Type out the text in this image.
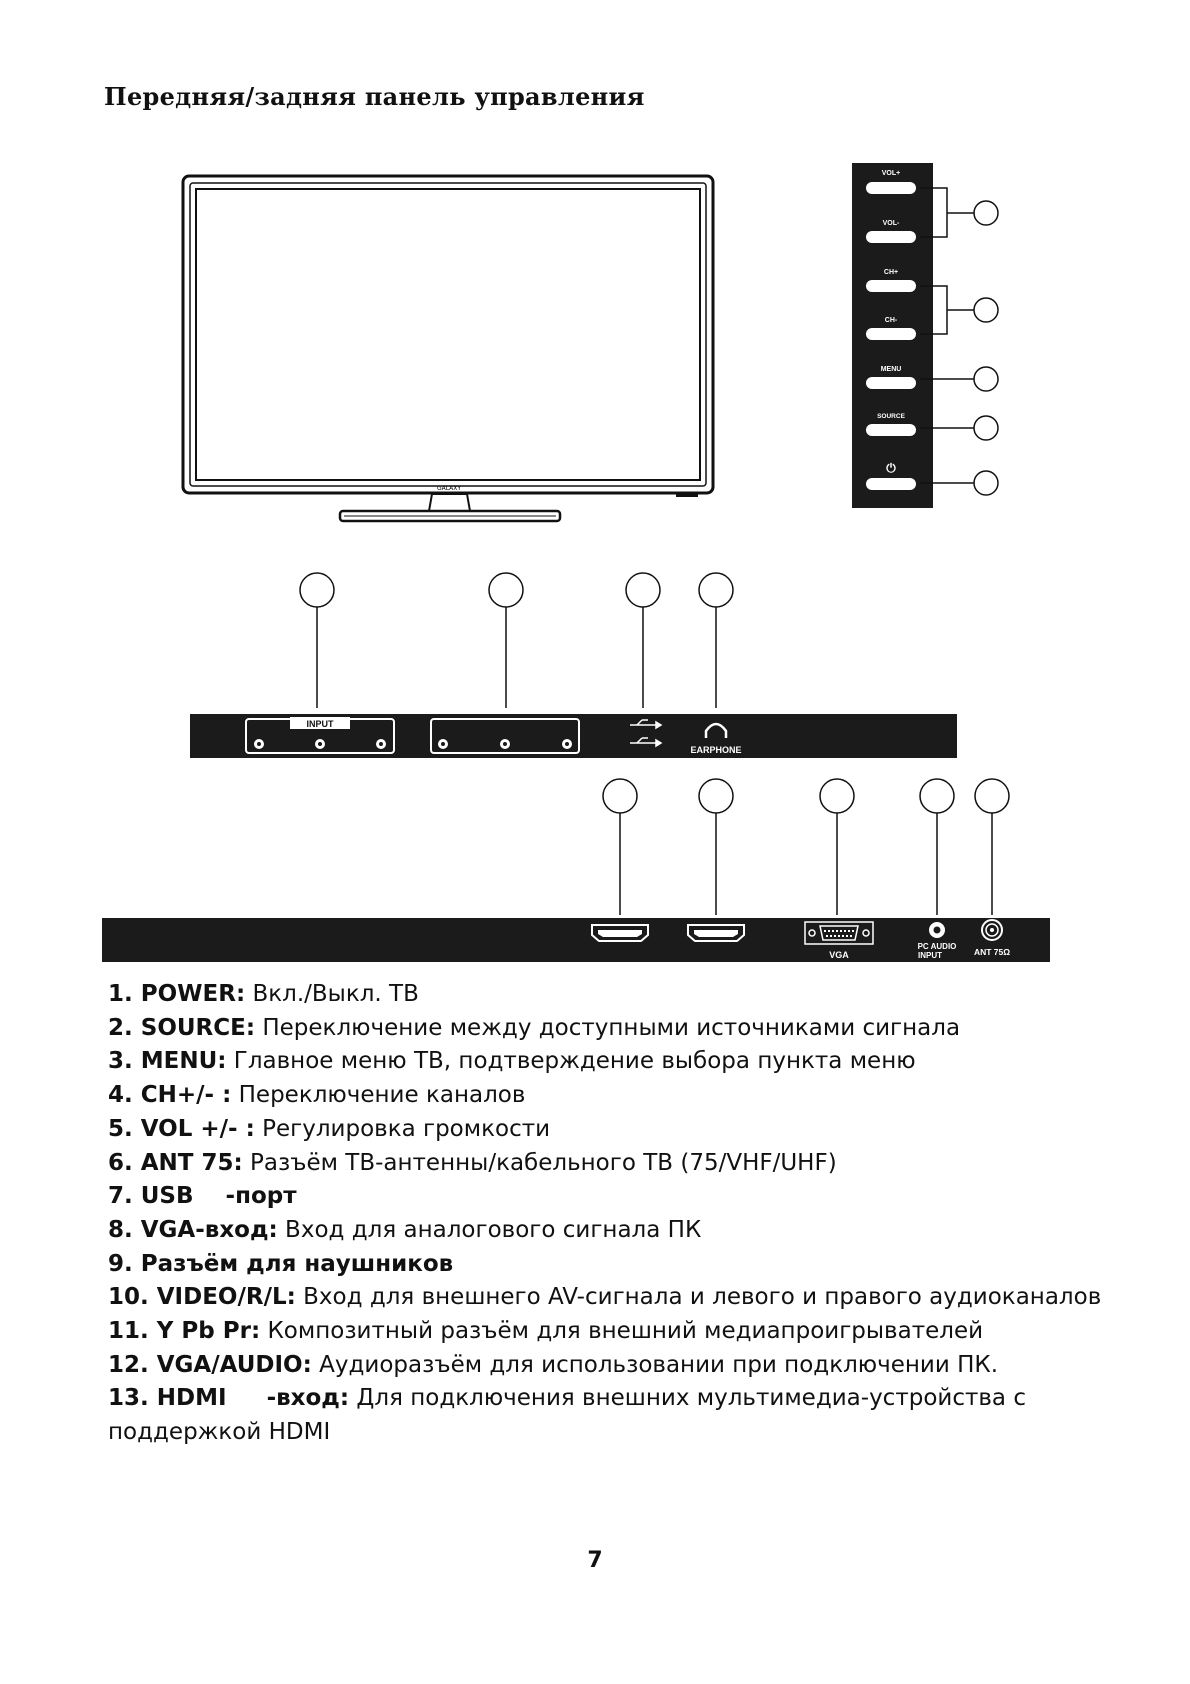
Передняя/задняя панель управления
GALAXY
VOL+
VOL-
CH+
CH-
MENU
SOURCE
⏻
INPUT
EARPHONE
VGA
PC AUDIO
INPUT	ANT 75Ω

1. POWER: Вкл./Выкл. ТВ

2. SOURCE: Переключение между доступными источниками сигнала

3. MENU: Главное меню ТВ, подтверждение выбора пункта меню

4. CH+/- : Переключение каналов

5. VOL +/- : Регулировка громкости

6. ANT 75: Разъём ТВ-антенны/кабельного ТВ (75/VHF/UHF)

7. USB    -порт

8. VGA-вход: Вход для аналогового сигнала ПК

9. Разъём для наушников

10. VIDEO/R/L: Вход для внешнего AV-сигнала и левого и правого аудиоканалов

11. Y Pb Pr: Композитный разъём для внешний медиапроигрывателей

12. VGA/AUDIO: Аудиоразъём для использовании при подключении ПК.

13. HDMI     -вход: Для подключения внешних мультимедиа-устройства с поддержкой HDMI

7
